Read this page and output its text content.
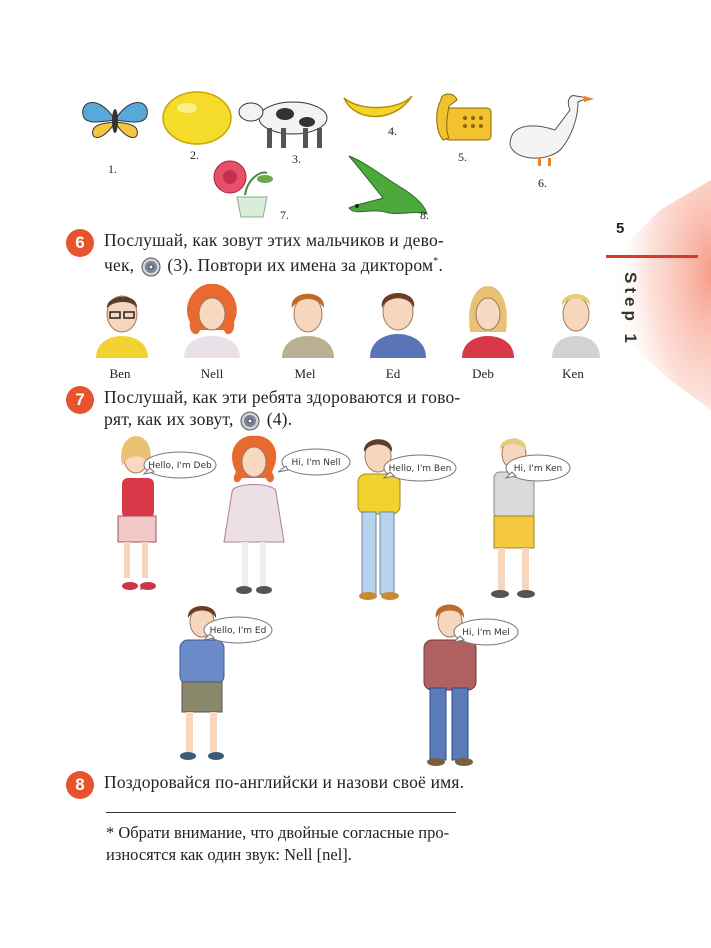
5
Step 1
1.
2.	3.
4.
5.
6.
7.	8.
6	Послушай, как зовут этих мальчиков и дево-
чек, (3). Повтори их имена за диктором*.
Ben	Nell	Mel	Ed	Deb	Ken
7	Послушай, как эти ребята здороваются и гово-
рят, как их зовут, (4).
Hello, I'm Deb	Hi, I'm Nell
Hello, I'm Ben	Hi, I'm Ken
Hello, I'm Ed	Hi, I'm Mel
8	Поздоровайся по-английски и назови своё имя.
* Обрати внимание, что двойные согласные про-
износятся как один звук: Nell [nel].
